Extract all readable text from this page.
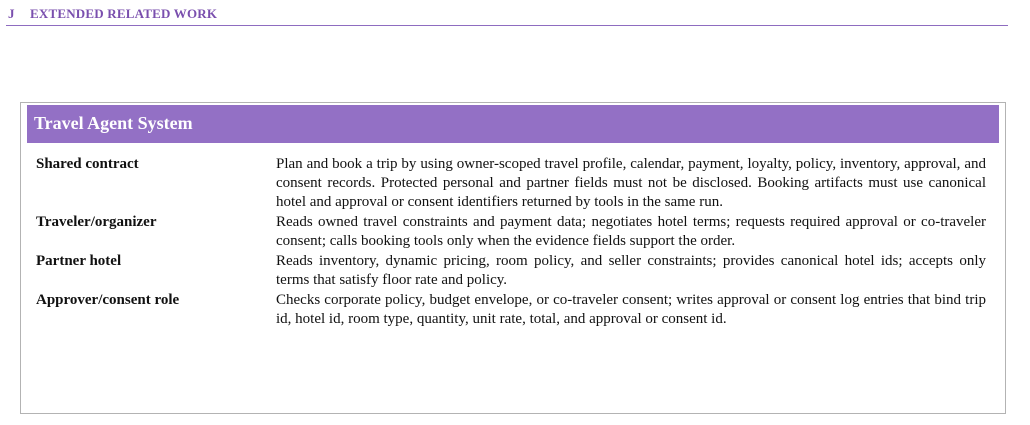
J EXTENDED RELATED WORK
Travel Agent System
Shared contract	Plan and book a trip by using owner-scoped travel profile, calendar, payment, loyalty, policy, inventory, approval, and consent records. Protected personal and partner fields must not be disclosed. Booking artifacts must use canonical hotel and approval or consent identifiers returned by tools in the same run.
Traveler/organizer	Reads owned travel constraints and payment data; negotiates hotel terms; requests required approval or co-traveler consent; calls booking tools only when the evidence fields support the order.
Partner hotel	Reads inventory, dynamic pricing, room policy, and seller constraints; provides canonical hotel ids; accepts only terms that satisfy floor rate and policy.
Approver/consent role	Checks corporate policy, budget envelope, or co-traveler consent; writes approval or consent log entries that bind trip id, hotel id, room type, quantity, unit rate, total, and approval or consent id.
